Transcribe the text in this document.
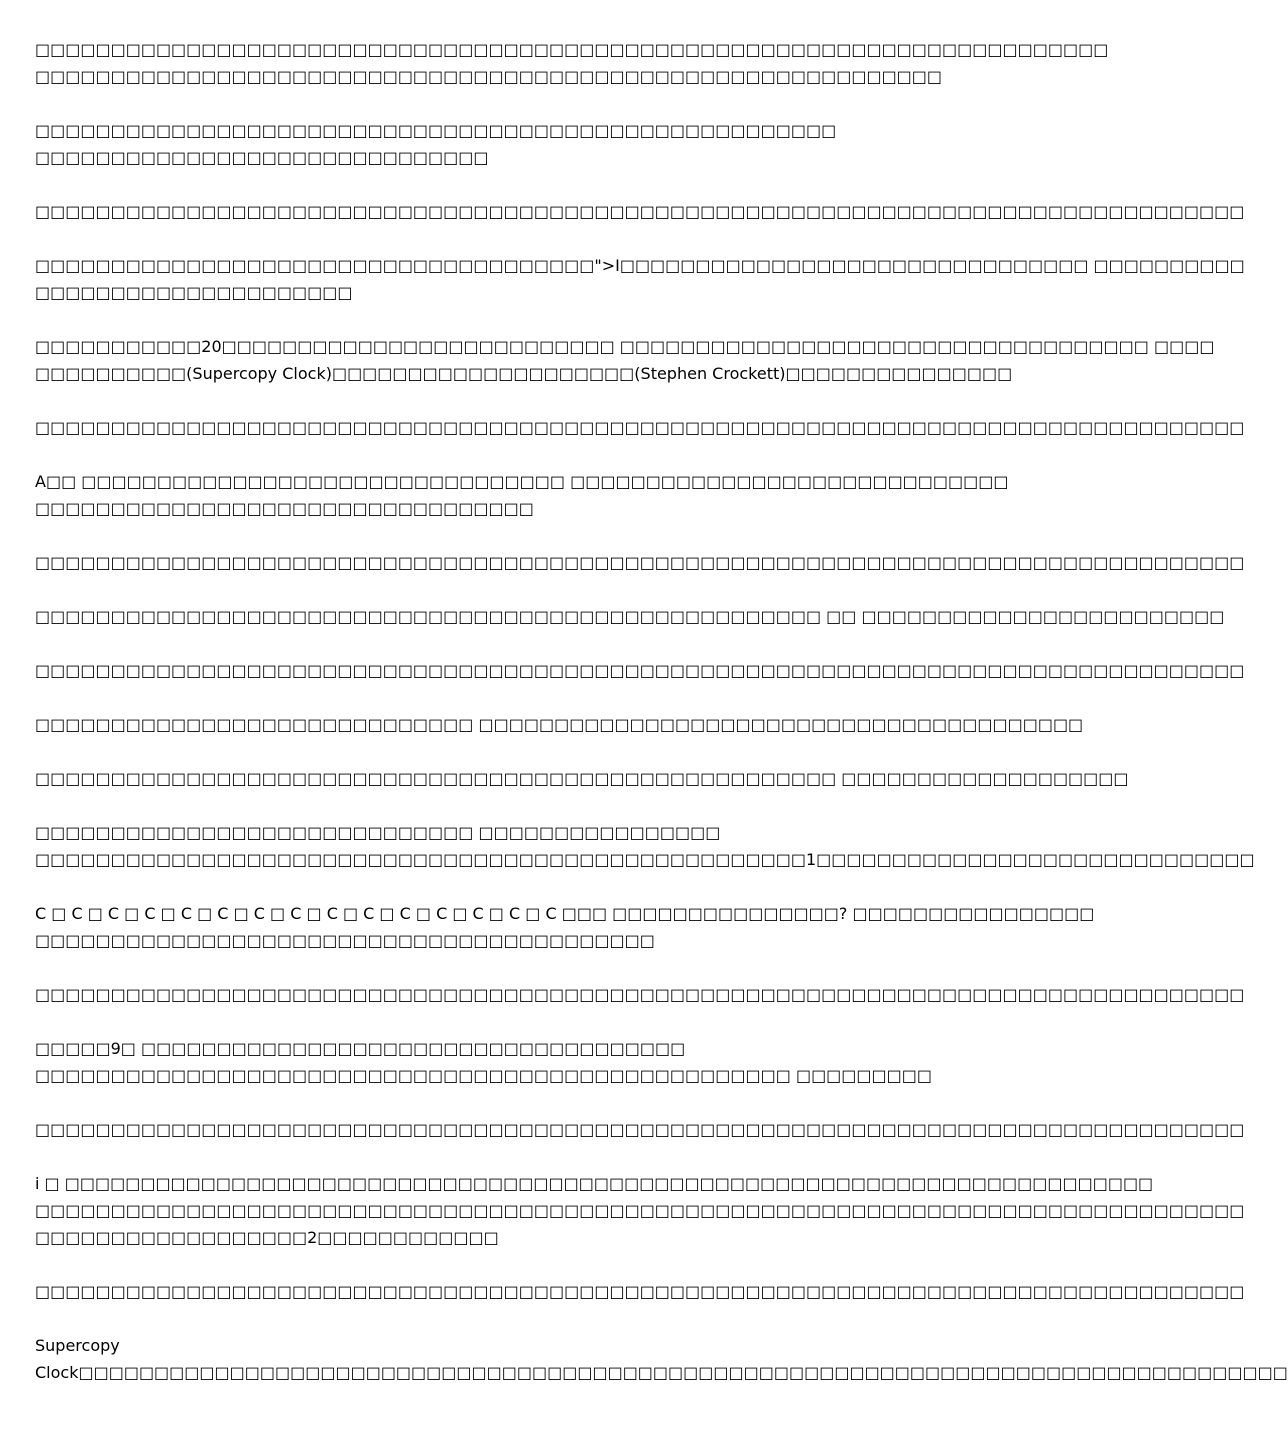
□□□□□□□□□□□□□□□□□□□□□□□□□□□□□□□□□□□□□□□□□□□□□□□□□□□□□□□□□□□□□□□□□□□□□□□
□□□□□□□□□□□□□□□□□□□□□□□□□□□□□□□□□□□□□□□□□□□□□□□□□□□□□□□□□□□□

□□□□□□□□□□□□□□□□□□□□□□□□□□□□□□□□□□□□□□□□□□□□□□□□□□□□□
□□□□□□□□□□□□□□□□□□□□□□□□□□□□□□

□□□□□□□□□□□□□□□□□□□□□□□□□□□□□□□□□□□□□□□□□□□□□□□□□□□□□□□□□□□□□□□□□□□□□□□□□□□□□□□□

□□□□□□□□□□□□□□□□□□□□□□□□□□□□□□□□□□□□□">I□□□□□□□□□□□□□□□□□□□□□□□□□□□□□□□ □□□□□□□□□□
□□□□□□□□□□□□□□□□□□□□□

□□□□□□□□□□□20□□□□□□□□□□□□□□□□□□□□□□□□□□ □□□□□□□□□□□□□□□□□□□□□□□□□□□□□□□□□□□ □□□□
□□□□□□□□□□(Supercopy Clock)□□□□□□□□□□□□□□□□□□□□(Stephen Crockett)□□□□□□□□□□□□□□□

□□□□□□□□□□□□□□□□□□□□□□□□□□□□□□□□□□□□□□□□□□□□□□□□□□□□□□□□□□□□□□□□□□□□□□□□□□□□□□□□

A□□ □□□□□□□□□□□□□□□□□□□□□□□□□□□□□□□□ □□□□□□□□□□□□□□□□□□□□□□□□□□□□□
□□□□□□□□□□□□□□□□□□□□□□□□□□□□□□□□□

□□□□□□□□□□□□□□□□□□□□□□□□□□□□□□□□□□□□□□□□□□□□□□□□□□□□□□□□□□□□□□□□□□□□□□□□□□□□□□□□

□□□□□□□□□□□□□□□□□□□□□□□□□□□□□□□□□□□□□□□□□□□□□□□□□□□□ □□ □□□□□□□□□□□□□□□□□□□□□□□□

□□□□□□□□□□□□□□□□□□□□□□□□□□□□□□□□□□□□□□□□□□□□□□□□□□□□□□□□□□□□□□□□□□□□□□□□□□□□□□□□

□□□□□□□□□□□□□□□□□□□□□□□□□□□□□ □□□□□□□□□□□□□□□□□□□□□□□□□□□□□□□□□□□□□□□□

□□□□□□□□□□□□□□□□□□□□□□□□□□□□□□□□□□□□□□□□□□□□□□□□□□□□□ □□□□□□□□□□□□□□□□□□□

□□□□□□□□□□□□□□□□□□□□□□□□□□□□□ □□□□□□□□□□□□□□□□
□□□□□□□□□□□□□□□□□□□□□□□□□□□□□□□□□□□□□□□□□□□□□□□□□□□1□□□□□□□□□□□□□□□□□□□□□□□□□□□□□

C □ C □ C □ C □ C □ C □ C □ C □ C □ C □ C □ C □ C □ C □ C □□□ □□□□□□□□□□□□□□□? □□□□□□□□□□□□□□□□
□□□□□□□□□□□□□□□□□□□□□□□□□□□□□□□□□□□□□□□□□

□□□□□□□□□□□□□□□□□□□□□□□□□□□□□□□□□□□□□□□□□□□□□□□□□□□□□□□□□□□□□□□□□□□□□□□□□□□□□□□□

□□□□□9□ □□□□□□□□□□□□□□□□□□□□□□□□□□□□□□□□□□□□
□□□□□□□□□□□□□□□□□□□□□□□□□□□□□□□□□□□□□□□□□□□□□□□□□□ □□□□□□□□□

□□□□□□□□□□□□□□□□□□□□□□□□□□□□□□□□□□□□□□□□□□□□□□□□□□□□□□□□□□□□□□□□□□□□□□□□□□□□□□□□

i □ □□□□□□□□□□□□□□□□□□□□□□□□□□□□□□□□□□□□□□□□□□□□□□□□□□□□□□□□□□□□□□□□□□□□□□□□
□□□□□□□□□□□□□□□□□□□□□□□□□□□□□□□□□□□□□□□□□□□□□□□□□□□□□□□□□□□□□□□□□□□□□□□□□□□□□□□□
□□□□□□□□□□□□□□□□□□2□□□□□□□□□□□□

□□□□□□□□□□□□□□□□□□□□□□□□□□□□□□□□□□□□□□□□□□□□□□□□□□□□□□□□□□□□□□□□□□□□□□□□□□□□□□□□

Supercopy
Clock□□□□□□□□□□□□□□□□□□□□□□□□□□□□□□□□□□□□□□□□□□□□□□□□□□□□□□□□□□□□□□□□□□□□□□□□□□□□□□□□
